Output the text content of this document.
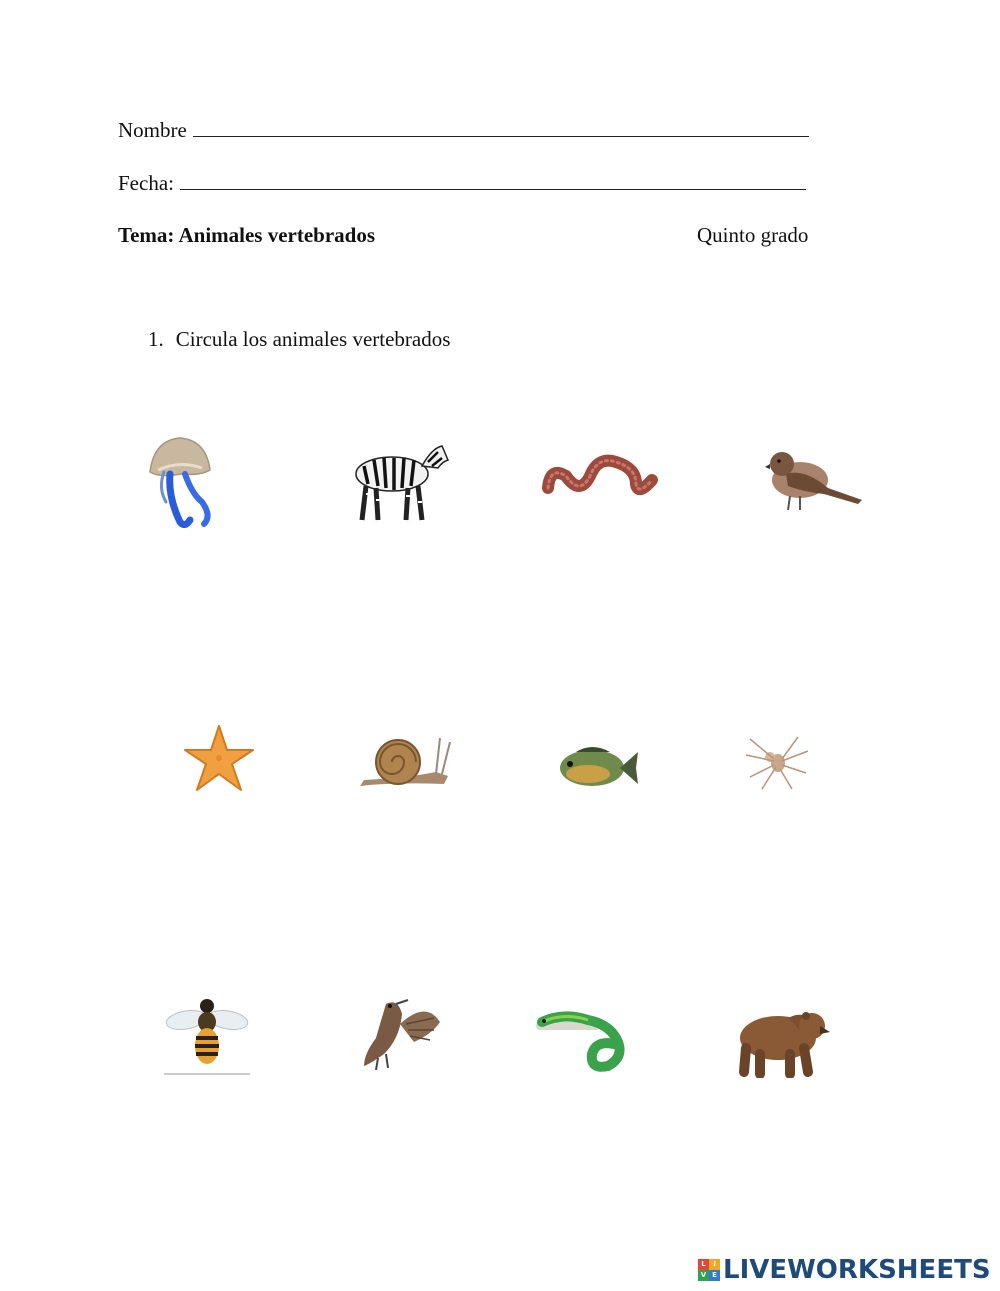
Nombre
Fecha:
Tema: Animales vertebrados	Quinto grado
1. Circula los animales vertebrados
L	I
V E LIVEWORKSHEETS
